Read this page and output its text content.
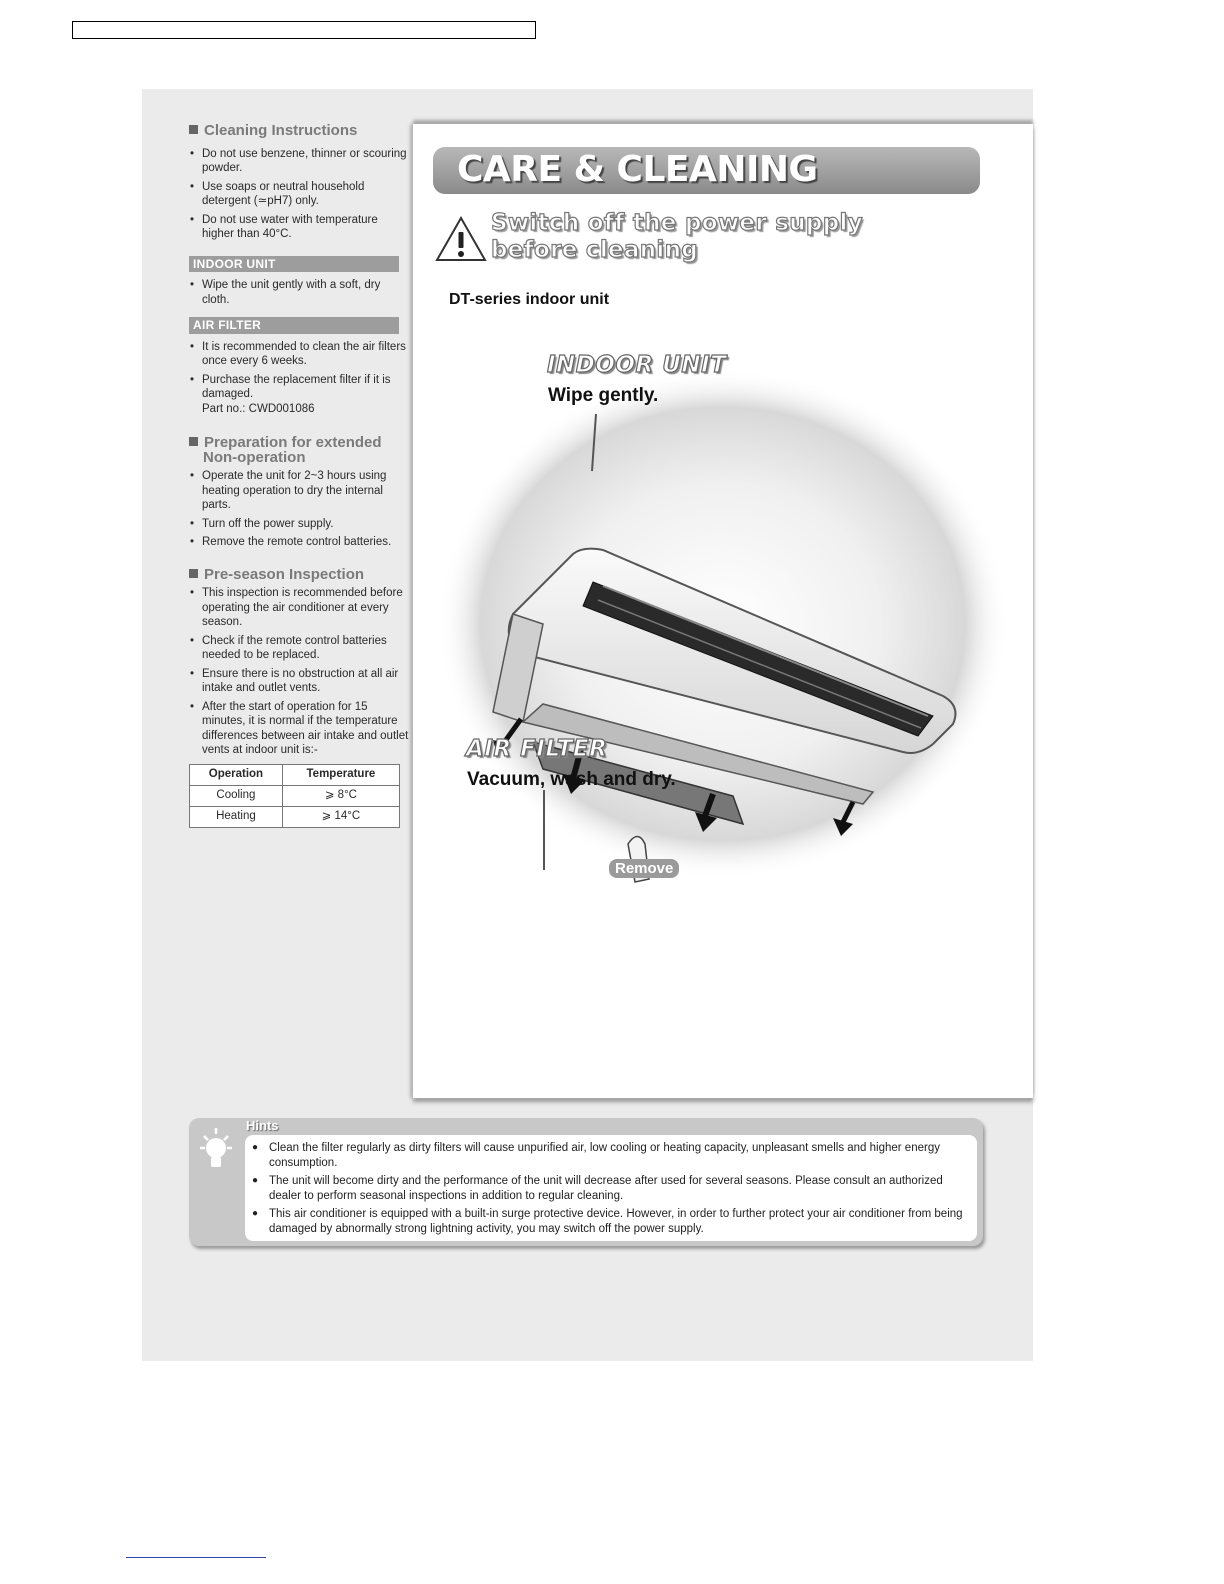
Cleaning Instructions
• Do not use benzene, thinner or scouring powder.
• Use soaps or neutral household detergent (≃pH7) only.
• Do not use water with temperature higher than 40°C.
INDOOR UNIT
• Wipe the unit gently with a soft, dry cloth.
AIR FILTER
• It is recommended to clean the air filters once every 6 weeks.
• Purchase the replacement filter if it is damaged.
Part no.: CWD001086
Preparation for extended
Non-operation
• Operate the unit for 2~3 hours using heating operation to dry the internal parts.
• Turn off the power supply.
• Remove the remote control batteries.
Pre-season Inspection
• This inspection is recommended before operating the air conditioner at every season.
• Check if the remote control batteries needed to be replaced.
• Ensure there is no obstruction at all air intake and outlet vents.
• After the start of operation for 15 minutes, it is normal if the temperature differences between air intake and outlet vents at indoor unit is:-
Operation	Temperature
Cooling	⩾ 8°C
Heating	⩾ 14°C
CARE & CLEANING
Switch off the power supply
before cleaning
DT-series indoor unit
Remove
INDOOR UNIT
Wipe gently.
AIR FILTER
Vacuum, wash and dry.
Hints
● Clean the filter regularly as dirty filters will cause unpurified air, low cooling or heating capacity, unpleasant smells and higher energy consumption.
● The unit will become dirty and the performance of the unit will decrease after used for several seasons. Please consult an authorized dealer to perform seasonal inspections in addition to regular cleaning.
● This air conditioner is equipped with a built-in surge protective device. However, in order to further protect your air conditioner from being damaged by abnormally strong lightning activity, you may switch off the power supply.
